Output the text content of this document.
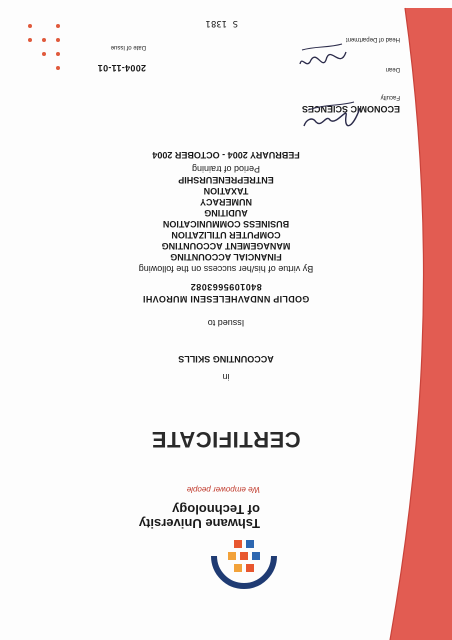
Tshwane University
of Technology
We empower people
CERTIFICATE
in
ACCOUNTING SKILLS
Issued to
GODLIP NNDAVHELESENI MUROVHI
8401095663082
By virtue of his/her success on the following
FINANCIAL ACCOUNTING
MANAGEMENT ACCOUNTING
COMPUTER UTILIZATION
BUSINESS COMMUNICATION
AUDITING
NUMERACY
TAXATION
ENTREPRENEURSHIP
Period of training
FEBRUARY 2004 - OCTOBER 2004
ECONOMIC SCIENCES
Faculty
Dean
Head of Department
2004-11-01
Date of Issue
S 1381
